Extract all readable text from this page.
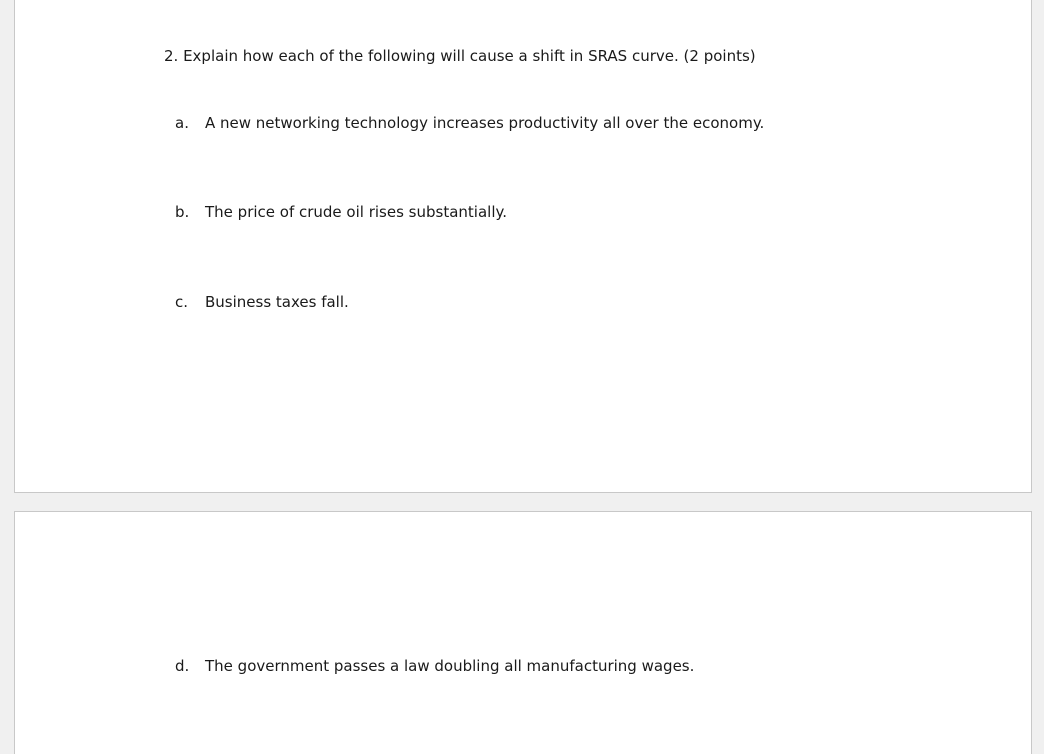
2. Explain how each of the following will cause a shift in SRAS curve. (2 points)
a. A new networking technology increases productivity all over the economy.
b. The price of crude oil rises substantially.
c. Business taxes fall.
d. The government passes a law doubling all manufacturing wages.
